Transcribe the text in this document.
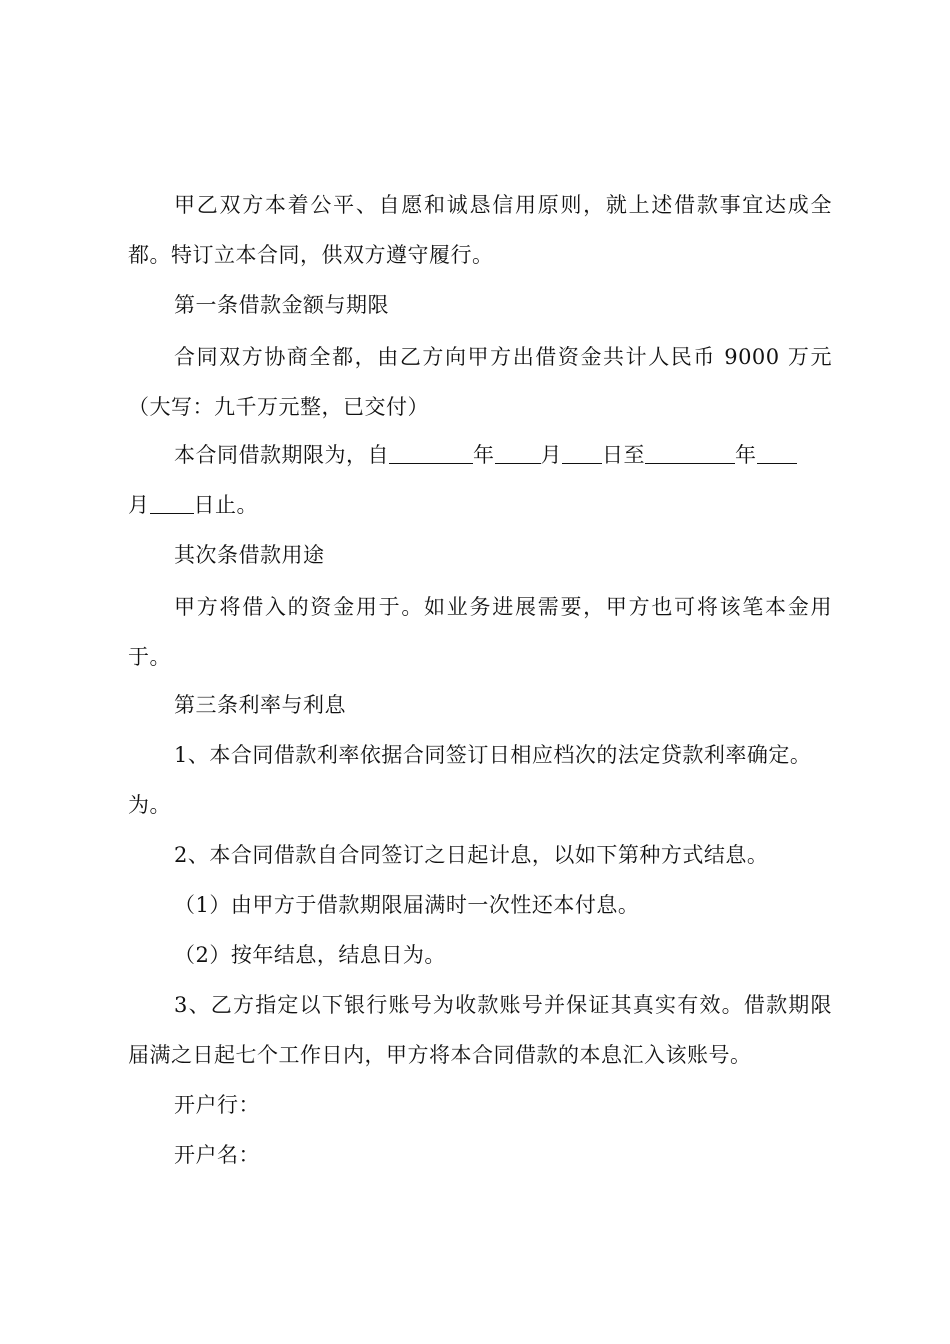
甲乙双方本着公平、自愿和诚恳信用原则，就上述借款事宜达成全
都。特订立本合同，供双方遵守履行。
第一条借款金额与期限
合同双方协商全都，由乙方向甲方出借资金共计人民币 9000 万元
（大写：九千万元整，已交付）
本合同借款期限为，自	年 月 日至	年
月 日止。
其次条借款用途
甲方将借入的资金用于。如业务进展需要，甲方也可将该笔本金用
于。
第三条利率与利息
1、本合同借款利率依据合同签订日相应档次的法定贷款利率确定。
为。
2、本合同借款自合同签订之日起计息，以如下第种方式结息。
（1）由甲方于借款期限届满时一次性还本付息。
（2）按年结息，结息日为。
3、乙方指定以下银行账号为收款账号并保证其真实有效。借款期限
届满之日起七个工作日内，甲方将本合同借款的本息汇入该账号。
开户行：
开户名：
